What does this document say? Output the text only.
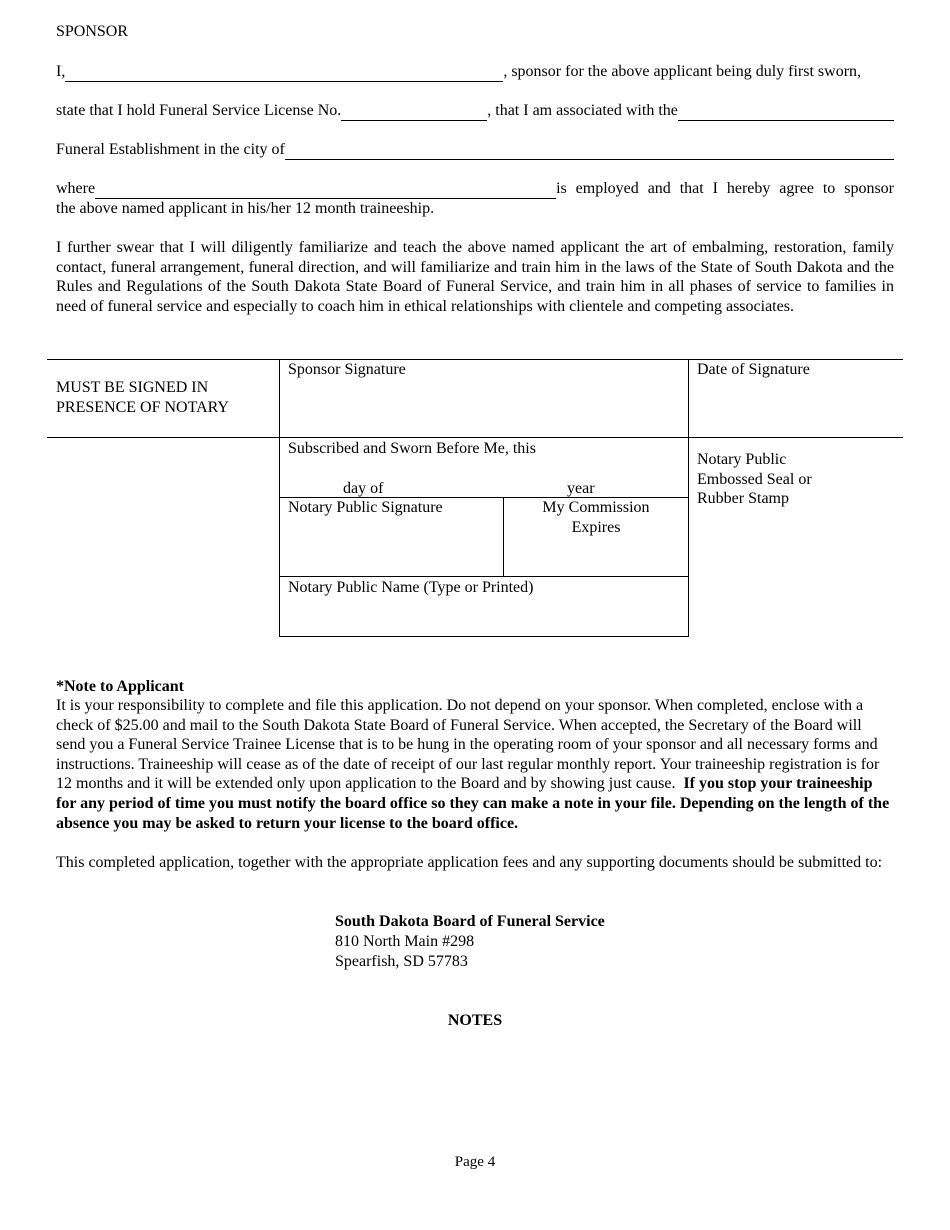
SPONSOR
I,	, sponsor for the above applicant being duly first sworn,
state that I hold Funeral Service License No.	, that I am associated with the
Funeral Establishment in the city of
where	is employed and that I hereby agree to sponsor
the above named applicant in his/her 12 month traineeship.
I further swear that I will diligently familiarize and teach the above named applicant the art of embalming, restoration, family contact, funeral arrangement, funeral direction, and will familiarize and train him in the laws of the State of South Dakota and the Rules and Regulations of the South Dakota State Board of Funeral Service, and train him in all phases of service to families in need of funeral service and especially to coach him in ethical relationships with clientele and competing associates.
MUST BE SIGNED IN PRESENCE OF NOTARY
Sponsor Signature	Date of Signature
Subscribed and Sworn Before Me, this
day of	year
Notary Public Signature	My Commission Expires
Notary Public Name (Type or Printed)
Notary Public Embossed Seal or Rubber Stamp
*Note to Applicant
It is your responsibility to complete and file this application. Do not depend on your sponsor. When completed, enclose with a check of $25.00 and mail to the South Dakota State Board of Funeral Service. When accepted, the Secretary of the Board will send you a Funeral Service Trainee License that is to be hung in the operating room of your sponsor and all necessary forms and instructions. Traineeship will cease as of the date of receipt of our last regular monthly report. Your traineeship registration is for 12 months and it will be extended only upon application to the Board and by showing just cause. If you stop your traineeship for any period of time you must notify the board office so they can make a note in your file. Depending on the length of the absence you may be asked to return your license to the board office.
This completed application, together with the appropriate application fees and any supporting documents should be submitted to:
South Dakota Board of Funeral Service
810 North Main #298
Spearfish, SD 57783
NOTES
Page 4
